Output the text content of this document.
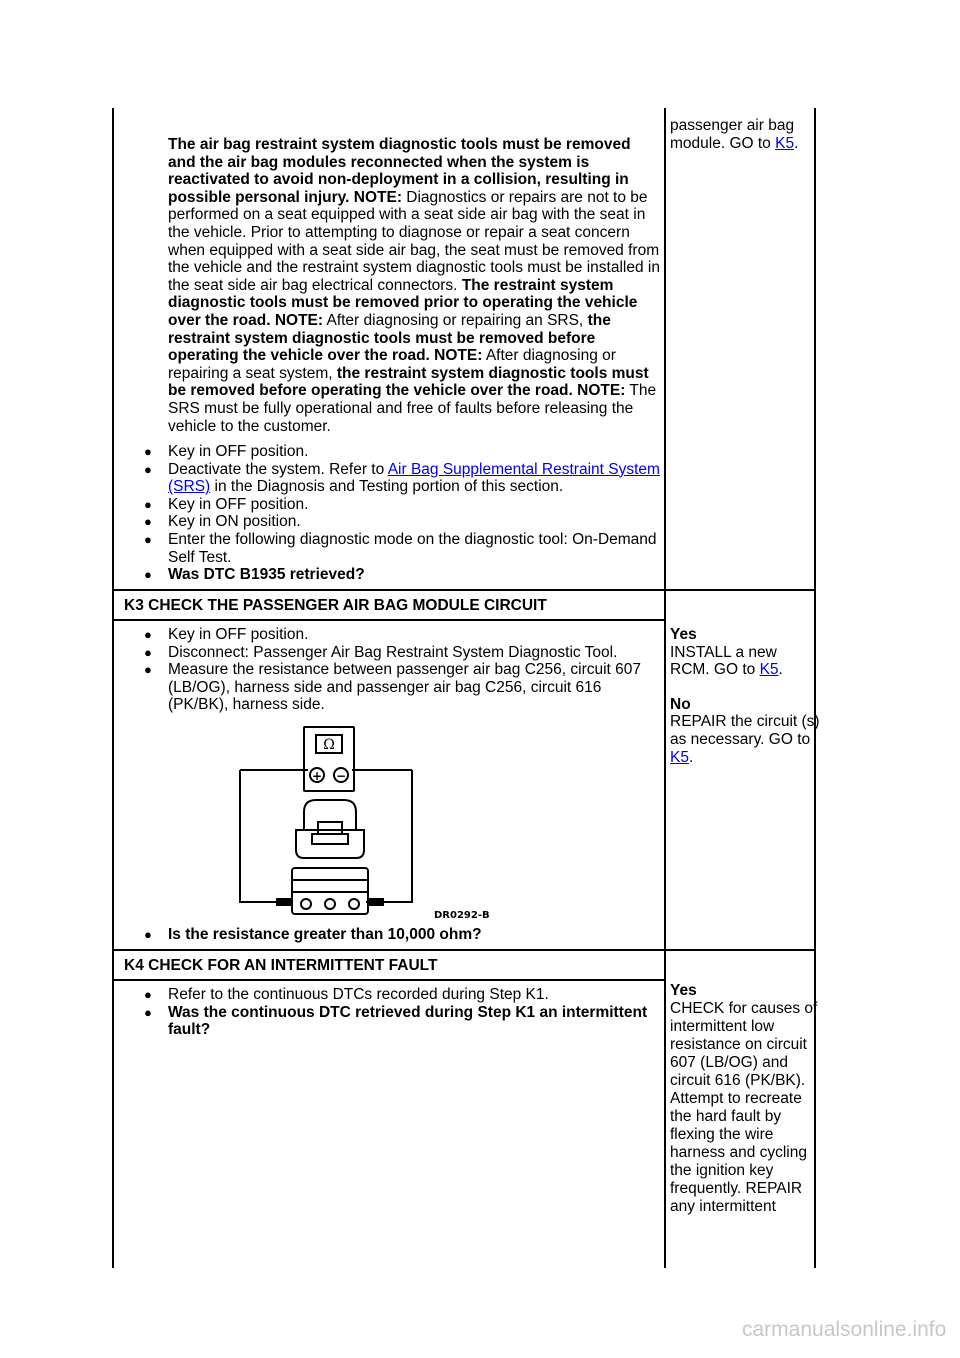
The air bag restraint system diagnostic tools must be removed and the air bag modules reconnected when the system is reactivated to avoid non-deployment in a collision, resulting in possible personal injury. NOTE: Diagnostics or repairs are not to be performed on a seat equipped with a seat side air bag with the seat in the vehicle. Prior to attempting to diagnose or repair a seat concern when equipped with a seat side air bag, the seat must be removed from the vehicle and the restraint system diagnostic tools must be installed in the seat side air bag electrical connectors. The restraint system diagnostic tools must be removed prior to operating the vehicle over the road. NOTE: After diagnosing or repairing an SRS, the restraint system diagnostic tools must be removed before operating the vehicle over the road. NOTE: After diagnosing or repairing a seat system, the restraint system diagnostic tools must be removed before operating the vehicle over the road. NOTE: The SRS must be fully operational and free of faults before releasing the vehicle to the customer.
● Key in OFF position.
● Deactivate the system. Refer to Air Bag Supplemental Restraint System (SRS) in the Diagnosis and Testing portion of this section.
● Key in OFF position.
● Key in ON position.
● Enter the following diagnostic mode on the diagnostic tool: On-Demand Self Test.
● Was DTC B1935 retrieved?
passenger air bag module. GO to K5.
K3 CHECK THE PASSENGER AIR BAG MODULE CIRCUIT
● Key in OFF position.
● Disconnect: Passenger Air Bag Restraint System Diagnostic Tool.
● Measure the resistance between passenger air bag C256, circuit 607 (LB/OG), harness side and passenger air bag C256, circuit 616 (PK/BK), harness side.
Ω
+ −
DR0292-B
● Is the resistance greater than 10,000 ohm?
Yes
INSTALL a new RCM. GO to K5.
No
REPAIR the circuit (s) as necessary. GO to K5.
K4 CHECK FOR AN INTERMITTENT FAULT
● Refer to the continuous DTCs recorded during Step K1.
● Was the continuous DTC retrieved during Step K1 an intermittent fault?
Yes
CHECK for causes of intermittent low resistance on circuit 607 (LB/OG) and circuit 616 (PK/BK). Attempt to recreate the hard fault by flexing the wire harness and cycling the ignition key frequently. REPAIR any intermittent
carmanualsonline.info
